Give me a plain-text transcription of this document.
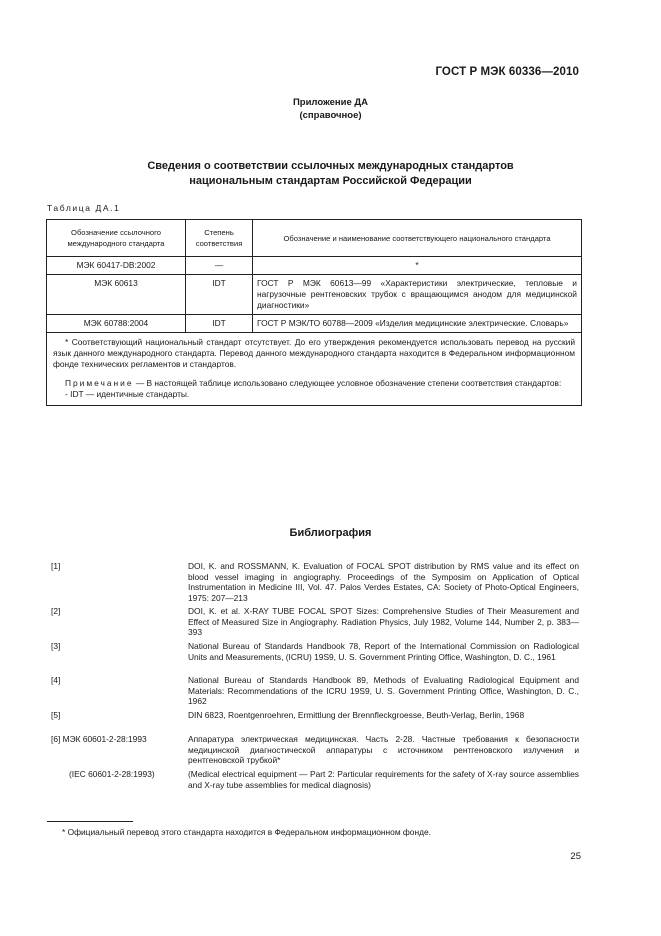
ГОСТ Р МЭК 60336—2010
Приложение ДА
(справочное)
Сведения о соответствии ссылочных международных стандартов
национальным стандартам Российской Федерации
Таблица ДА.1
Обозначение ссылочного международного стандарта	Степень соответствия	Обозначение и наименование соответствующего национального стандарта
МЭК 60417-DB:2002	—	*
МЭК 60613	IDT	ГОСТ Р МЭК 60613—99 «Характеристики электрические, тепловые и нагрузочные рентгеновских трубок с вращающимся анодом для медицинской диагностики»
МЭК 60788:2004	IDT	ГОСТ Р МЭК/ТО 60788—2009 «Изделия медицинские электрические. Словарь»

* Соответствующий национальный стандарт отсутствует. До его утверждения рекомендуется использовать перевод на русский язык данного международного стандарта. Перевод данного международного стандарта находится в Федеральном информационном фонде технических регламентов и стандартов.

Примечание — В настоящей таблице использовано следующее условное обозначение степени соответствия стандартов:

- IDT — идентичные стандарты.		

Библиография
[1]	DOI, K. and ROSSMANN, K. Evaluation of FOCAL SPOT distribution by RMS value and its effect on blood vessel imaging in angiography. Proceedings of the Symposim on Application of Optical Instrumentation in Medicine III, Vol. 47. Palos Verdes Estates, CA: Society of Photo-Optical Engineers, 1975: 207—213
[2]	DOI, K. et al. X-RAY TUBE FOCAL SPOT Sizes: Comprehensive Studies of Their Measurement and Effect of Measured Size in Angiography. Radiation Physics, July 1982, Volume 144, Number 2, p. 383—393
[3]	National Bureau of Standards Handbook 78, Report of the International Commission on Radiological Units and Measurements, (ICRU) 19S9, U. S. Government Printing Office, Washington, D. C., 1961
[4]	National Bureau of Standards Handbook 89, Methods of Evaluating Radiological Equipment and Materials: Recommendations of the ICRU 19S9, U. S. Government Printing Office, Washington, D. C., 1962
[5]	DIN 6823, Roentgenroehren, Ermittlung der Brennfleckgroesse, Beuth-Verlag, Berlin, 1968
[6] МЭК 60601-2-28:1993	Аппаратура электрическая медицинская. Часть 2-28. Частные требования к безопасности медицинской диагностической аппаратуры с источником рентгеновского излучения и рентгеновской трубкой*
(IEC 60601-2-28:1993)	(Medical electrical equipment — Part 2: Particular requirements for the safety of X-ray source assemblies and X-ray tube assemblies for medical diagnosis)
* Официальный перевод этого стандарта находится в Федеральном информационном фонде.
25
